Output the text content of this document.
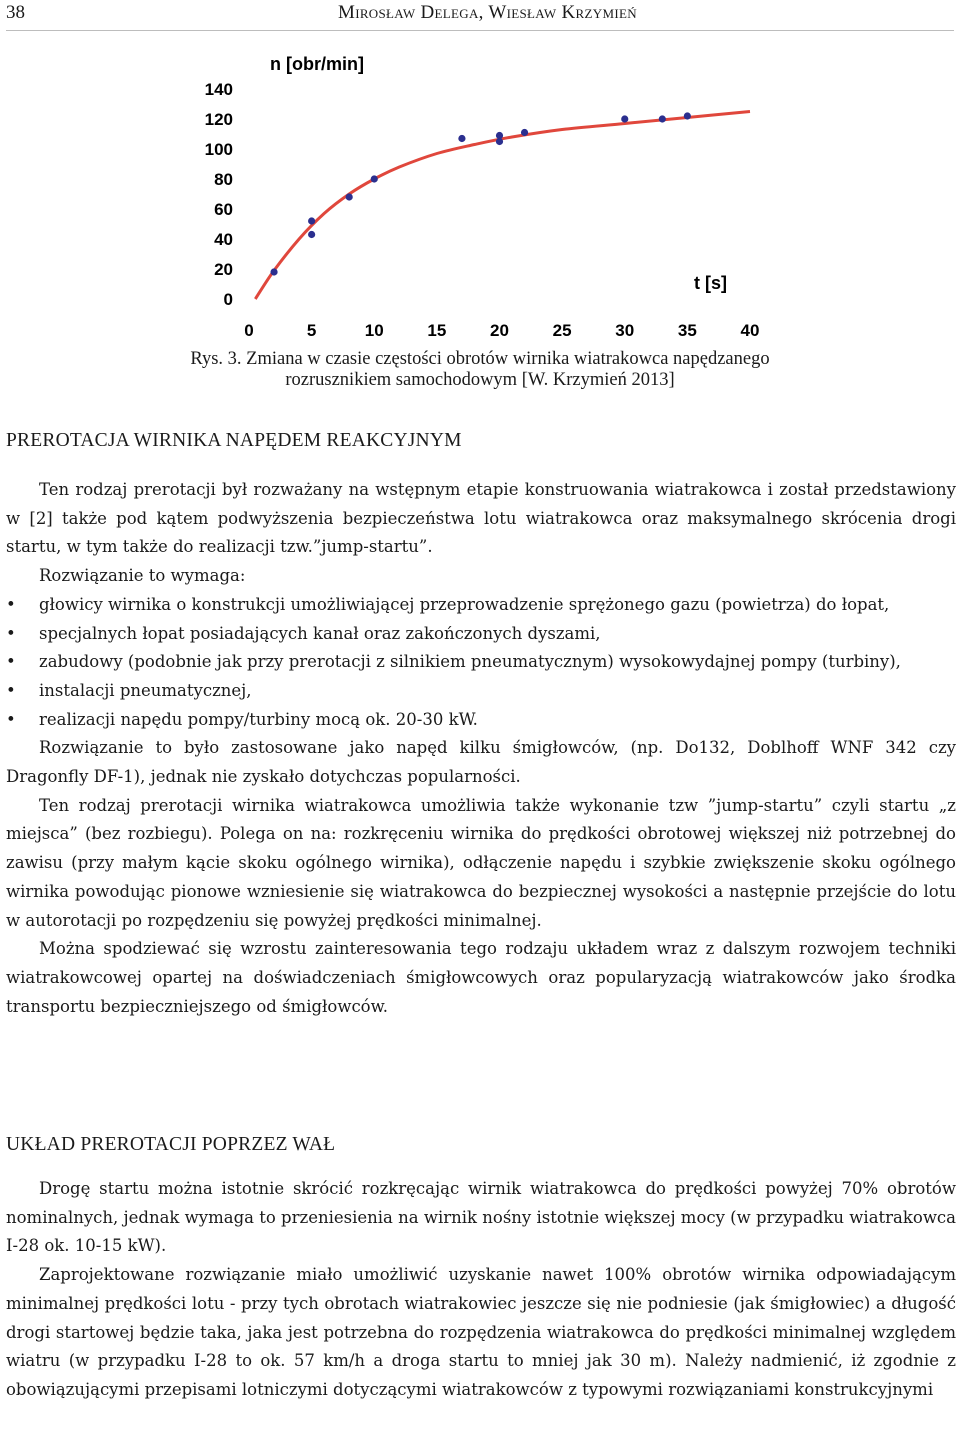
38	Mirosław Delega, Wiesław Krzymień
0
20
40
60
80
100
120
140
0	5	10	15	20	25	30	35	40
n [obr/min]
t [s]
Rys. 3. Zmiana w czasie częstości obrotów wirnika wiatrakowca napędzanego
rozrusznikiem samochodowym [W. Krzymień 2013]
PREROTACJA WIRNIKA NAPĘDEM REAKCYJNYM

Ten rodzaj prerotacji był rozważany na wstępnym etapie konstruowania wiatrakowca i został przedstawiony w [2] także pod kątem podwyższenia bezpieczeństwa lotu wiatrakowca oraz maksymalnego skrócenia drogi startu, w tym także do realizacji tzw.”jump-startu”.

Rozwiązanie to wymaga:

• głowicy wirnika o konstrukcji umożliwiającej przeprowadzenie sprężonego gazu (powietrza) do łopat,
• specjalnych łopat posiadających kanał oraz zakończonych dyszami,
• zabudowy (podobnie jak przy prerotacji z silnikiem pneumatycznym) wysokowydajnej pompy (turbiny),
• instalacji pneumatycznej,
• realizacji napędu pompy/turbiny mocą ok. 20-30 kW.

Rozwiązanie to było zastosowane jako napęd kilku śmigłowców, (np. Do132, Doblhoff WNF 342 czy Dragonfly DF-1), jednak nie zyskało dotychczas popularności.

Ten rodzaj prerotacji wirnika wiatrakowca umożliwia także wykonanie tzw ”jump-startu” czyli startu „z miejsca” (bez rozbiegu). Polega on na: rozkręceniu wirnika do prędkości obrotowej większej niż potrzebnej do zawisu (przy małym kącie skoku ogólnego wirnika), odłączenie napędu i szybkie zwiększenie skoku ogólnego wirnika powodując pionowe wzniesienie się wiatrakowca do bezpiecznej wysokości a następnie przejście do lotu w autorotacji po rozpędzeniu się powyżej prędkości minimalnej.

Można spodziewać się wzrostu zainteresowania tego rodzaju układem wraz z dalszym rozwojem techniki wiatrakowcowej opartej na doświadczeniach śmigłowcowych oraz popularyzacją wiatrakowców jako środka transportu bezpieczniejszego od śmigłowców.

UKŁAD PREROTACJI POPRZEZ WAŁ

Drogę startu można istotnie skrócić rozkręcając wirnik wiatrakowca do prędkości powyżej 70% obrotów nominalnych, jednak wymaga to przeniesienia na wirnik nośny istotnie większej mocy (w przypadku wiatrakowca I-28 ok. 10-15 kW).

Zaprojektowane rozwiązanie miało umożliwić uzyskanie nawet 100% obrotów wirnika odpowiadającym minimalnej prędkości lotu - przy tych obrotach wiatrakowiec jeszcze się nie podniesie (jak śmigłowiec) a długość drogi startowej będzie taka, jaka jest potrzebna do rozpędzenia wiatrakowca do prędkości minimalnej względem wiatru (w przypadku I-28 to ok. 57 km/h a droga startu to mniej jak 30 m). Należy nadmienić, iż zgodnie z obowiązującymi przepisami lotniczymi dotyczącymi wiatrakowców z typowymi rozwiązaniami konstrukcyjnymi
